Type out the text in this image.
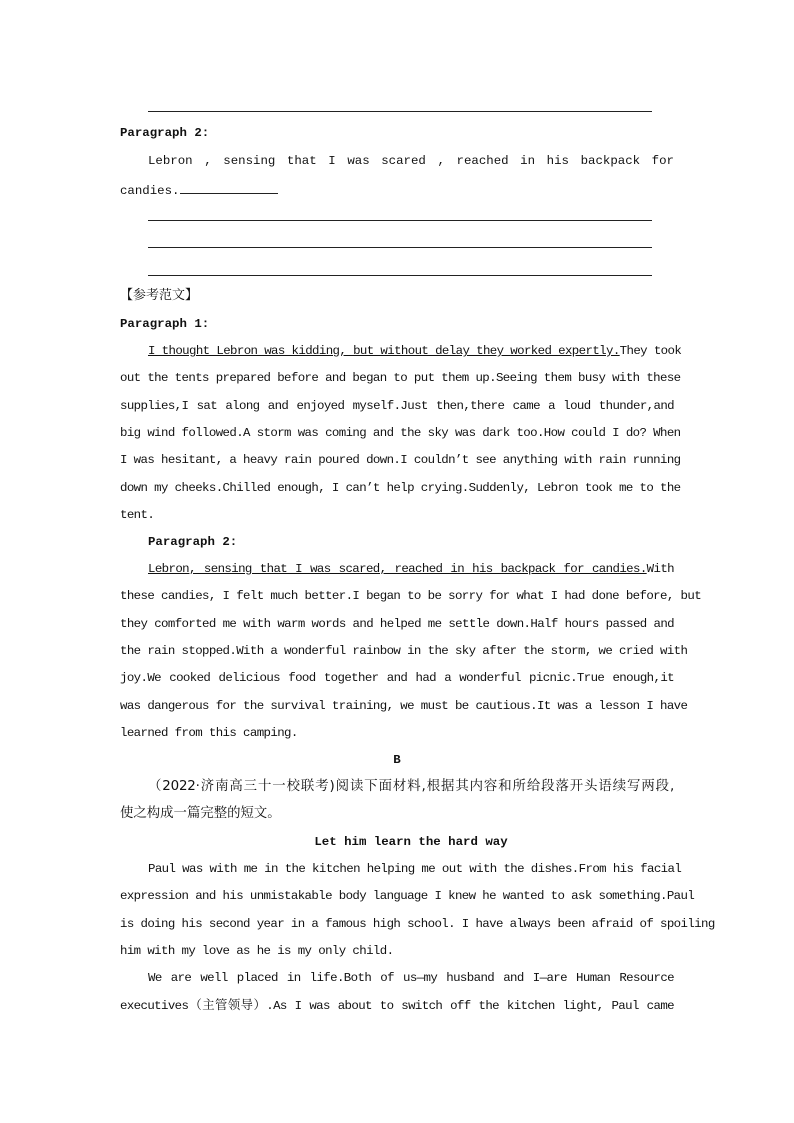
Paragraph 2:
Lebron , sensing that I was scared , reached in his backpack for
candies.
【参考范文】
Paragraph 1:
I thought Lebron was kidding, but without delay they worked expertly.They took
out the tents prepared before and began to put them up.Seeing them busy with these
supplies,I sat along and enjoyed myself.Just then,there came a loud thunder,and
big wind followed.A storm was coming and the sky was dark too.How could I do? When
I was hesitant, a heavy rain poured down.I couldn’t see anything with rain running
down my cheeks.Chilled enough, I can’t help crying.Suddenly, Lebron took me to the
tent.
Paragraph 2:
Lebron, sensing that I was scared, reached in his backpack for candies.With
these candies, I felt much better.I began to be sorry for what I had done before, but
they comforted me with warm words and helped me settle down.Half hours passed and
the rain stopped.With a wonderful rainbow in the sky after the storm, we cried with
joy.We cooked delicious food together and had a wonderful picnic.True enough,it
was dangerous for the survival training, we must be cautious.It was a lesson I have
learned from this camping.
B
（2022·济南高三十一校联考)阅读下面材料,根据其内容和所给段落开头语续写两段,
使之构成一篇完整的短文。
Let him learn the hard way
Paul was with me in the kitchen helping me out with the dishes.From his facial
expression and his unmistakable body language I knew he wanted to ask something.Paul
is doing his second year in a famous high school. I have always been afraid of spoiling
him with my love as he is my only child.
We are well placed in life.Both of us—my husband and I—are Human Resource
executives（主管领导）.As I was about to switch off the kitchen light, Paul came
